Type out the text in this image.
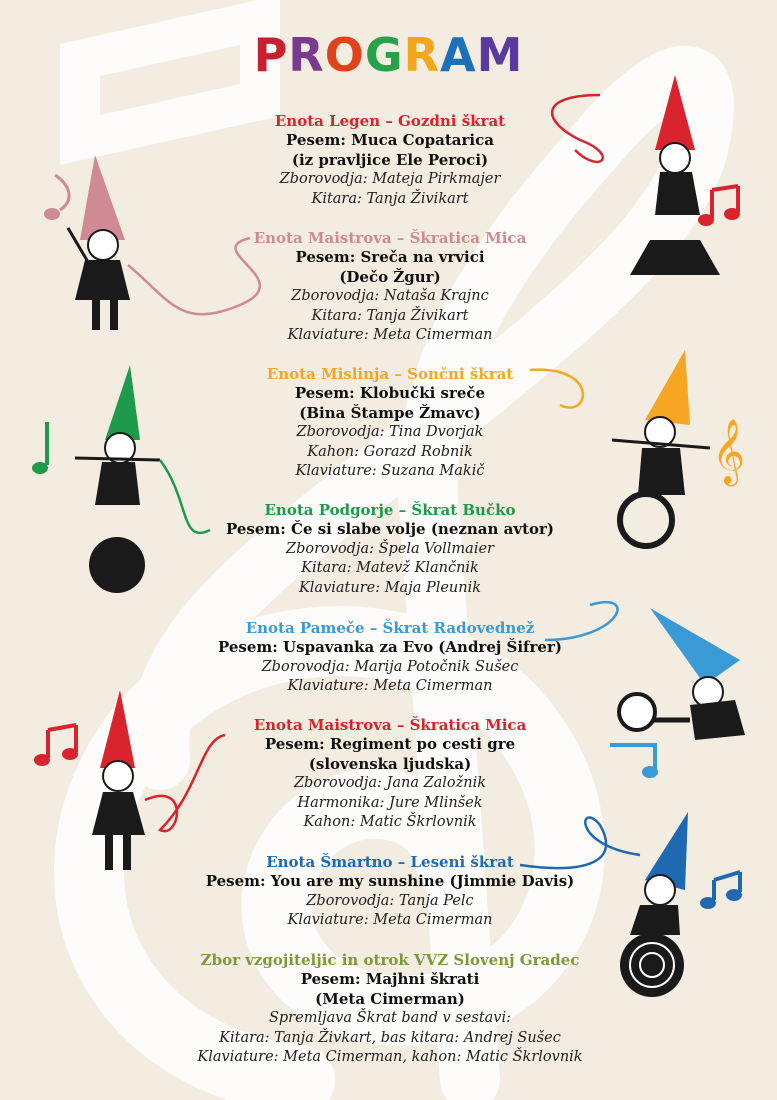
𝄞
PROGRAM
Enota Legen – Gozdni škrat
Pesem: Muca Copatarica
(iz pravljice Ele Peroci)
Zborovodja: Mateja Pirkmajer
Kitara: Tanja Živikart
Enota Maistrova – Škratica Mica
Pesem: Sreča na vrvici
(Dečo Žgur)
Zborovodja: Nataša Krajnc
Kitara: Tanja Živikart
Klaviature: Meta Cimerman
Enota Mislinja – Sončni škrat
Pesem: Klobučki sreče
(Bina Štampe Žmavc)
Zborovodja: Tina Dvorjak
Kahon: Gorazd Robnik
Klaviature: Suzana Makič
Enota Podgorje – Škrat Bučko
Pesem: Če si slabe volje (neznan avtor)
Zborovodja: Špela Vollmaier
Kitara: Matevž Klančnik
Klaviature: Maja Pleunik
Enota Pameče – Škrat Radovednež
Pesem: Uspavanka za Evo (Andrej Šifrer)
Zborovodja: Marija Potočnik Sušec
Klaviature: Meta Cimerman
Enota Maistrova – Škratica Mica
Pesem: Regiment po cesti gre
(slovenska ljudska)
Zborovodja: Jana Založnik
Harmonika: Jure Mlinšek
Kahon: Matic Škrlovnik
Enota Šmartno – Leseni škrat
Pesem: You are my sunshine (Jimmie Davis)
Zborovodja: Tanja Pelc
Klaviature: Meta Cimerman
Zbor vzgojiteljic in otrok VVZ Slovenj Gradec
Pesem: Majhni škrati
(Meta Cimerman)
Spremljava Škrat band v sestavi:
Kitara: Tanja Živkart, bas kitara: Andrej Sušec
Klaviature: Meta Cimerman, kahon: Matic Škrlovnik
